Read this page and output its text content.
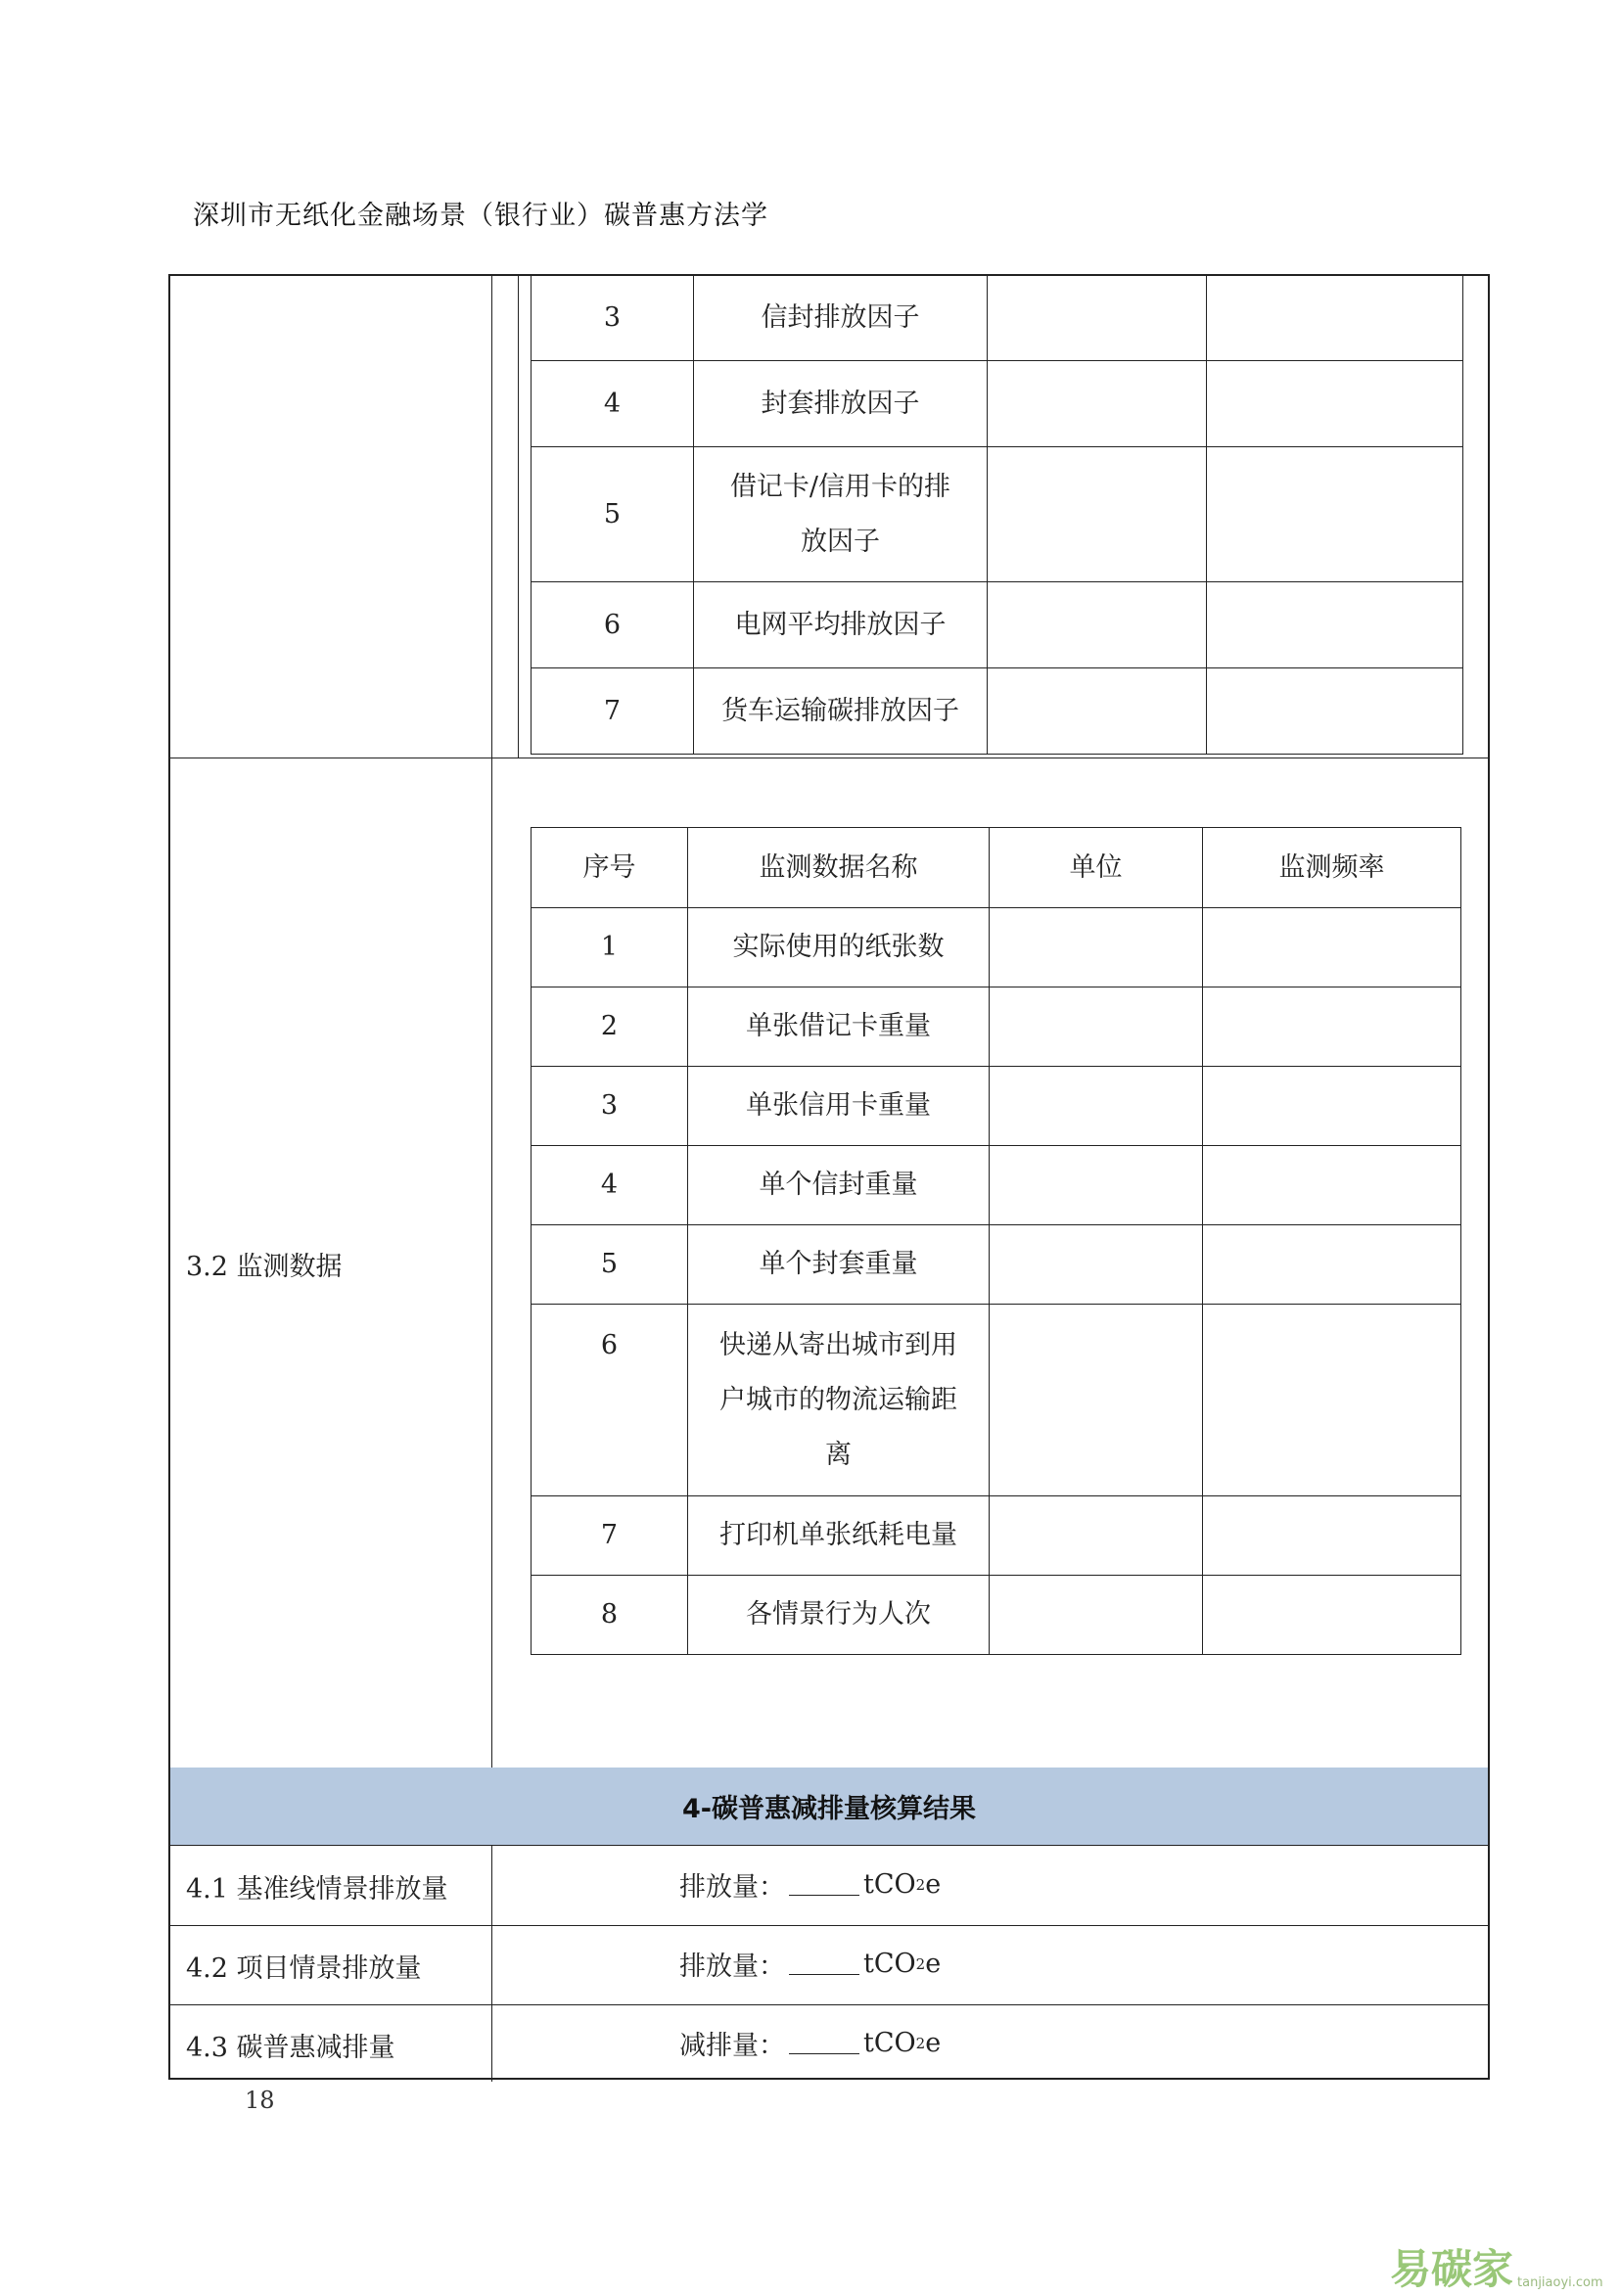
深圳市无纸化金融场景（银行业）碳普惠方法学
3	信封排放因子		
4	封套排放因子		
5	借记卡/信用卡的排
放因子		

6	电网平均排放因子		
7	货车运输碳排放因子		
3.2 监测数据
序号	监测数据名称	单位	监测频率
1	实际使用的纸张数		
2	单张借记卡重量		
3	单张信用卡重量		
4	单个信封重量		
5	单个封套重量		
6	快递从寄出城市到用
户城市的物流运输距
离		

7	打印机单张纸耗电量		
8	各情景行为人次		
4-碳普惠减排量核算结果
4.1 基准线情景排放量	排放量：	tCO 2 e
4.2 项目情景排放量	排放量：	tCO 2 e
4.3 碳普惠减排量	减排量：	tCO 2 e
18
易碳家 tanjiaoyi.com
